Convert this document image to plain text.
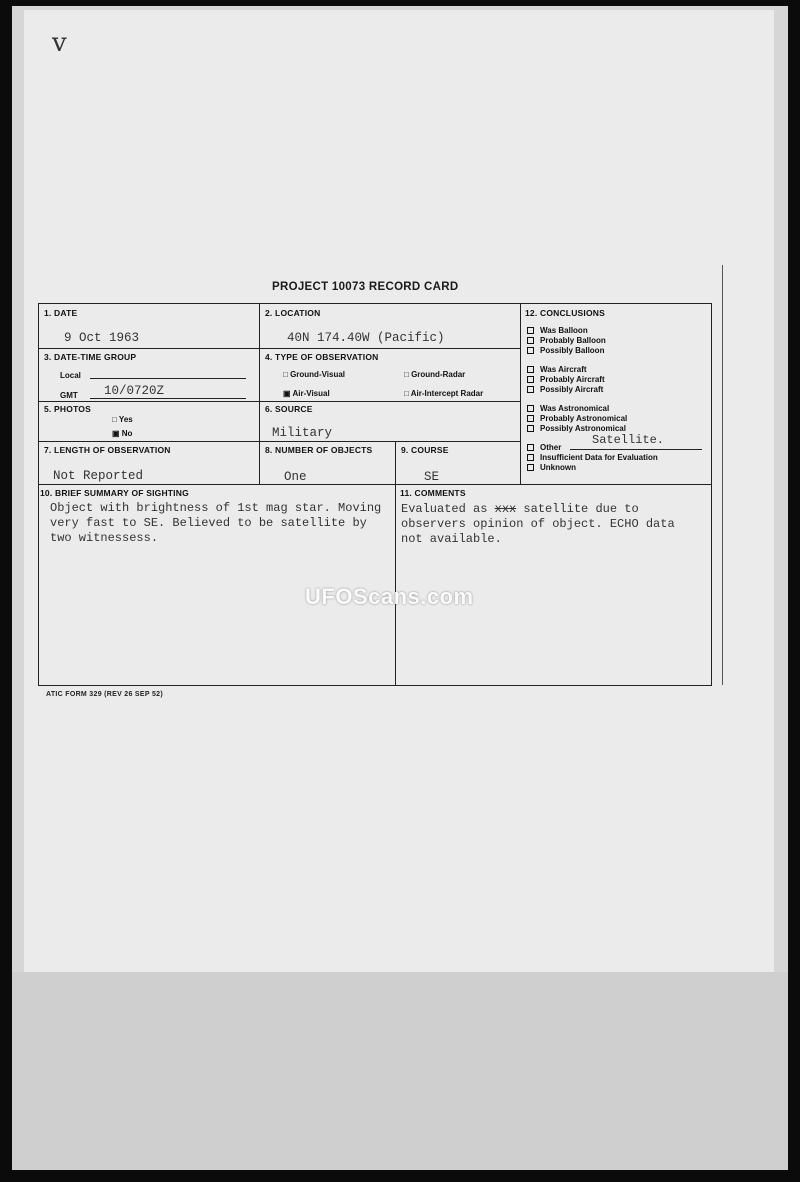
v
PROJECT 10073 RECORD CARD
1. DATE
9 Oct 1963
2. LOCATION
40N 174.40W (Pacific)
3. DATE-TIME GROUP
Local
GMT 10/0720Z
4. TYPE OF OBSERVATION
□ Ground-Visual	□ Ground-Radar
▣ Air-Visual	□ Air-Intercept Radar
5. PHOTOS
□ Yes
▣ No
6. SOURCE
Military
7. LENGTH OF OBSERVATION
Not Reported
8. NUMBER OF OBJECTS
One
9. COURSE
SE
12. CONCLUSIONS
Was Balloon
Probably Balloon
Possibly Balloon
Was Aircraft
Probably Aircraft
Possibly Aircraft
Was Astronomical
Probably Astronomical
Possibly Astronomical
Other
Satellite.
Insufficient Data for Evaluation
Unknown
10. BRIEF SUMMARY OF SIGHTING
Object with brightness of 1st mag star. Moving
very fast to SE. Believed to be satellite by
two witnessess.
11. COMMENTS
Evaluated as xxx satellite due to
observers opinion of object. ECHO data
not available.
UFOScans.com
ATIC FORM 329 (REV 26 SEP 52)
